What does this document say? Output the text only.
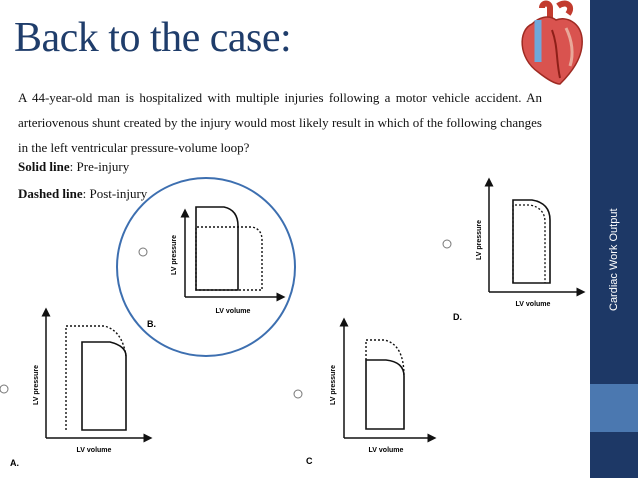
Back to the case:
Cardiac Work Output

A 44-year-old man is hospitalized with multiple injuries following a motor vehicle accident. An arteriovenous shunt created by the injury would most likely result in which of the following changes in the left ventricular pressure-volume loop?

Solid line: Pre-injury

Dashed line: Post-injury

LV pressure
LV volume
B.
LV pressure
LV volume
D.
LV pressure
LV volume
A.
LV pressure
LV volume
C
